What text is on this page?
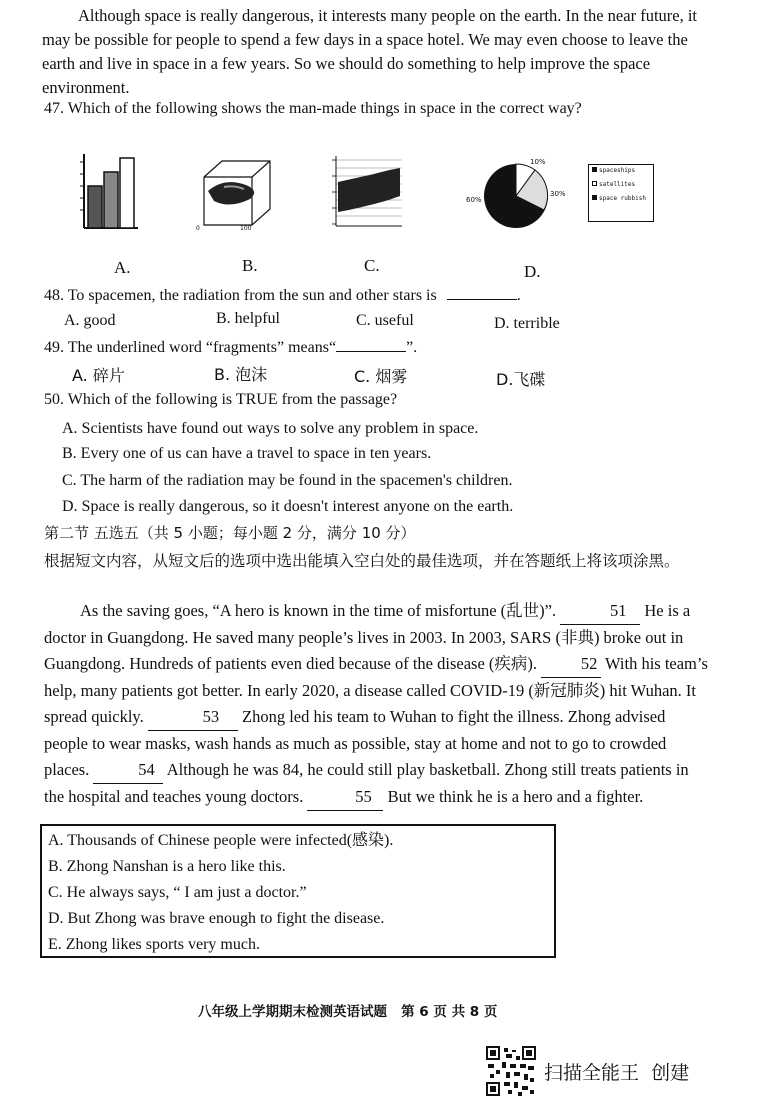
Although space is really dangerous, it interests many people on the earth. In the near future, it may be possible for people to spend a few days in a space hotel. We may even choose to leave the earth and live in space in a few years. So we should do something to help improve the space environment.
47. Which of the following shows the man-made things in space in the correct way?
0	100
10%
30%
60%
spaceships
satellites
space rubbish
A.	B.	C.	D.
48. To spacemen, the radiation from the sun and other stars is	.
A. good	B. helpful	C. useful	D. terrible
49. The underlined word “fragments” means“	”.
A. 碎片	B. 泡沫	C. 烟雾	D.飞碟
50. Which of the following is TRUE from the passage?
A. Scientists have found out ways to solve any problem in space.
B. Every one of us can have a travel to space in ten years.
C. The harm of the radiation may be found in the spacemen's children.
D. Space is really dangerous, so it doesn't interest anyone on the earth.
第二节 五选五（共 5 小题；每小题 2 分，满分 10 分）
根据短文内容，从短文后的选项中选出能填入空白处的最佳选项，并在答题纸上将该项涂黑。
As the saving goes, “A hero is known in the time of misfortune (乱世)”.	51 He is a doctor in Guangdong. He saved many people’s lives in 2003. In 2003, SARS (非典) broke out in Guangdong. Hundreds of patients even died because of the disease (疾病). 52 With his team’s help, many patients got better. In early 2020, a disease called COVID-19 (新冠肺炎) hit Wuhan. It spread quickly.	53 Zhong led his team to Wuhan to fight the illness. Zhong advised people to wear masks, wash hands as much as possible, stay at home and not to go to crowded places.	54 Although he was 84, he could still play basketball. Zhong still treats patients in the hospital and teaches young doctors.	55 But we think he is a hero and a fighter.
A. Thousands of Chinese people were infected(感染).
B. Zhong Nanshan is a hero like this.
C. He always says, “ I am just a doctor.”
D. But Zhong was brave enough to fight the disease.
E. Zhong likes sports very much.
八年级上学期期末检测英语试题   第 6 页 共 8 页
扫描全能王  创建
